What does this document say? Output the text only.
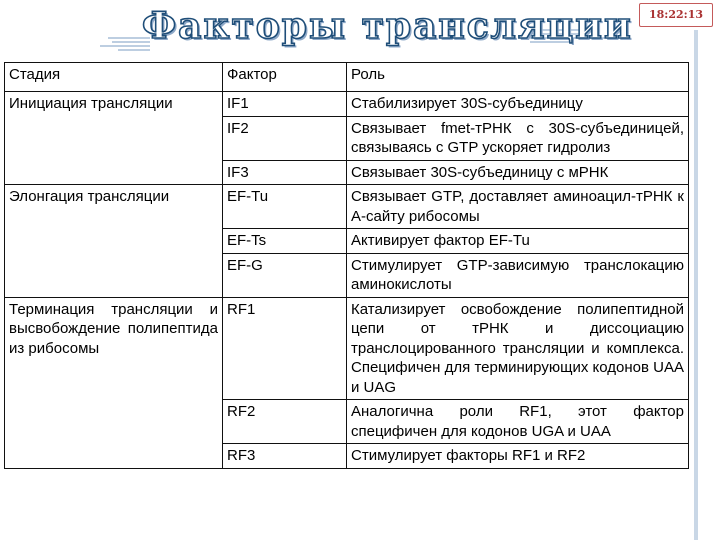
Факторы трансляции	18:22:13
Стадия	Фактор	Роль
Инициация трансляции	IF1	Стабилизирует 30S-субъединицу
	IF2	Связывает fmet-тРНК с 30S-субъединицей, связываясь с GTP ускоряет гидролиз
	IF3	Связывает 30S-субъединицу с мРНК
Элонгация трансляции	EF-Tu	Связывает GTP, доставляет аминоацил-тРНК к А-сайту рибосомы
	EF-Ts	Активирует фактор EF-Tu
	EF-G	Стимулирует GTP-зависимую транслокацию аминокислоты
Терминация трансляции и высвобождение полипептида из рибосомы	RF1	Катализирует освобождение полипептидной цепи от тРНК и диссоциацию транслоцированного трансляции и комплекса. Специфичен для терминирующих кодонов UAA и UAG
	RF2	Аналогична роли RF1, этот фактор специфичен для кодонов UGA и UAA
	RF3	Стимулирует факторы RF1 и RF2
